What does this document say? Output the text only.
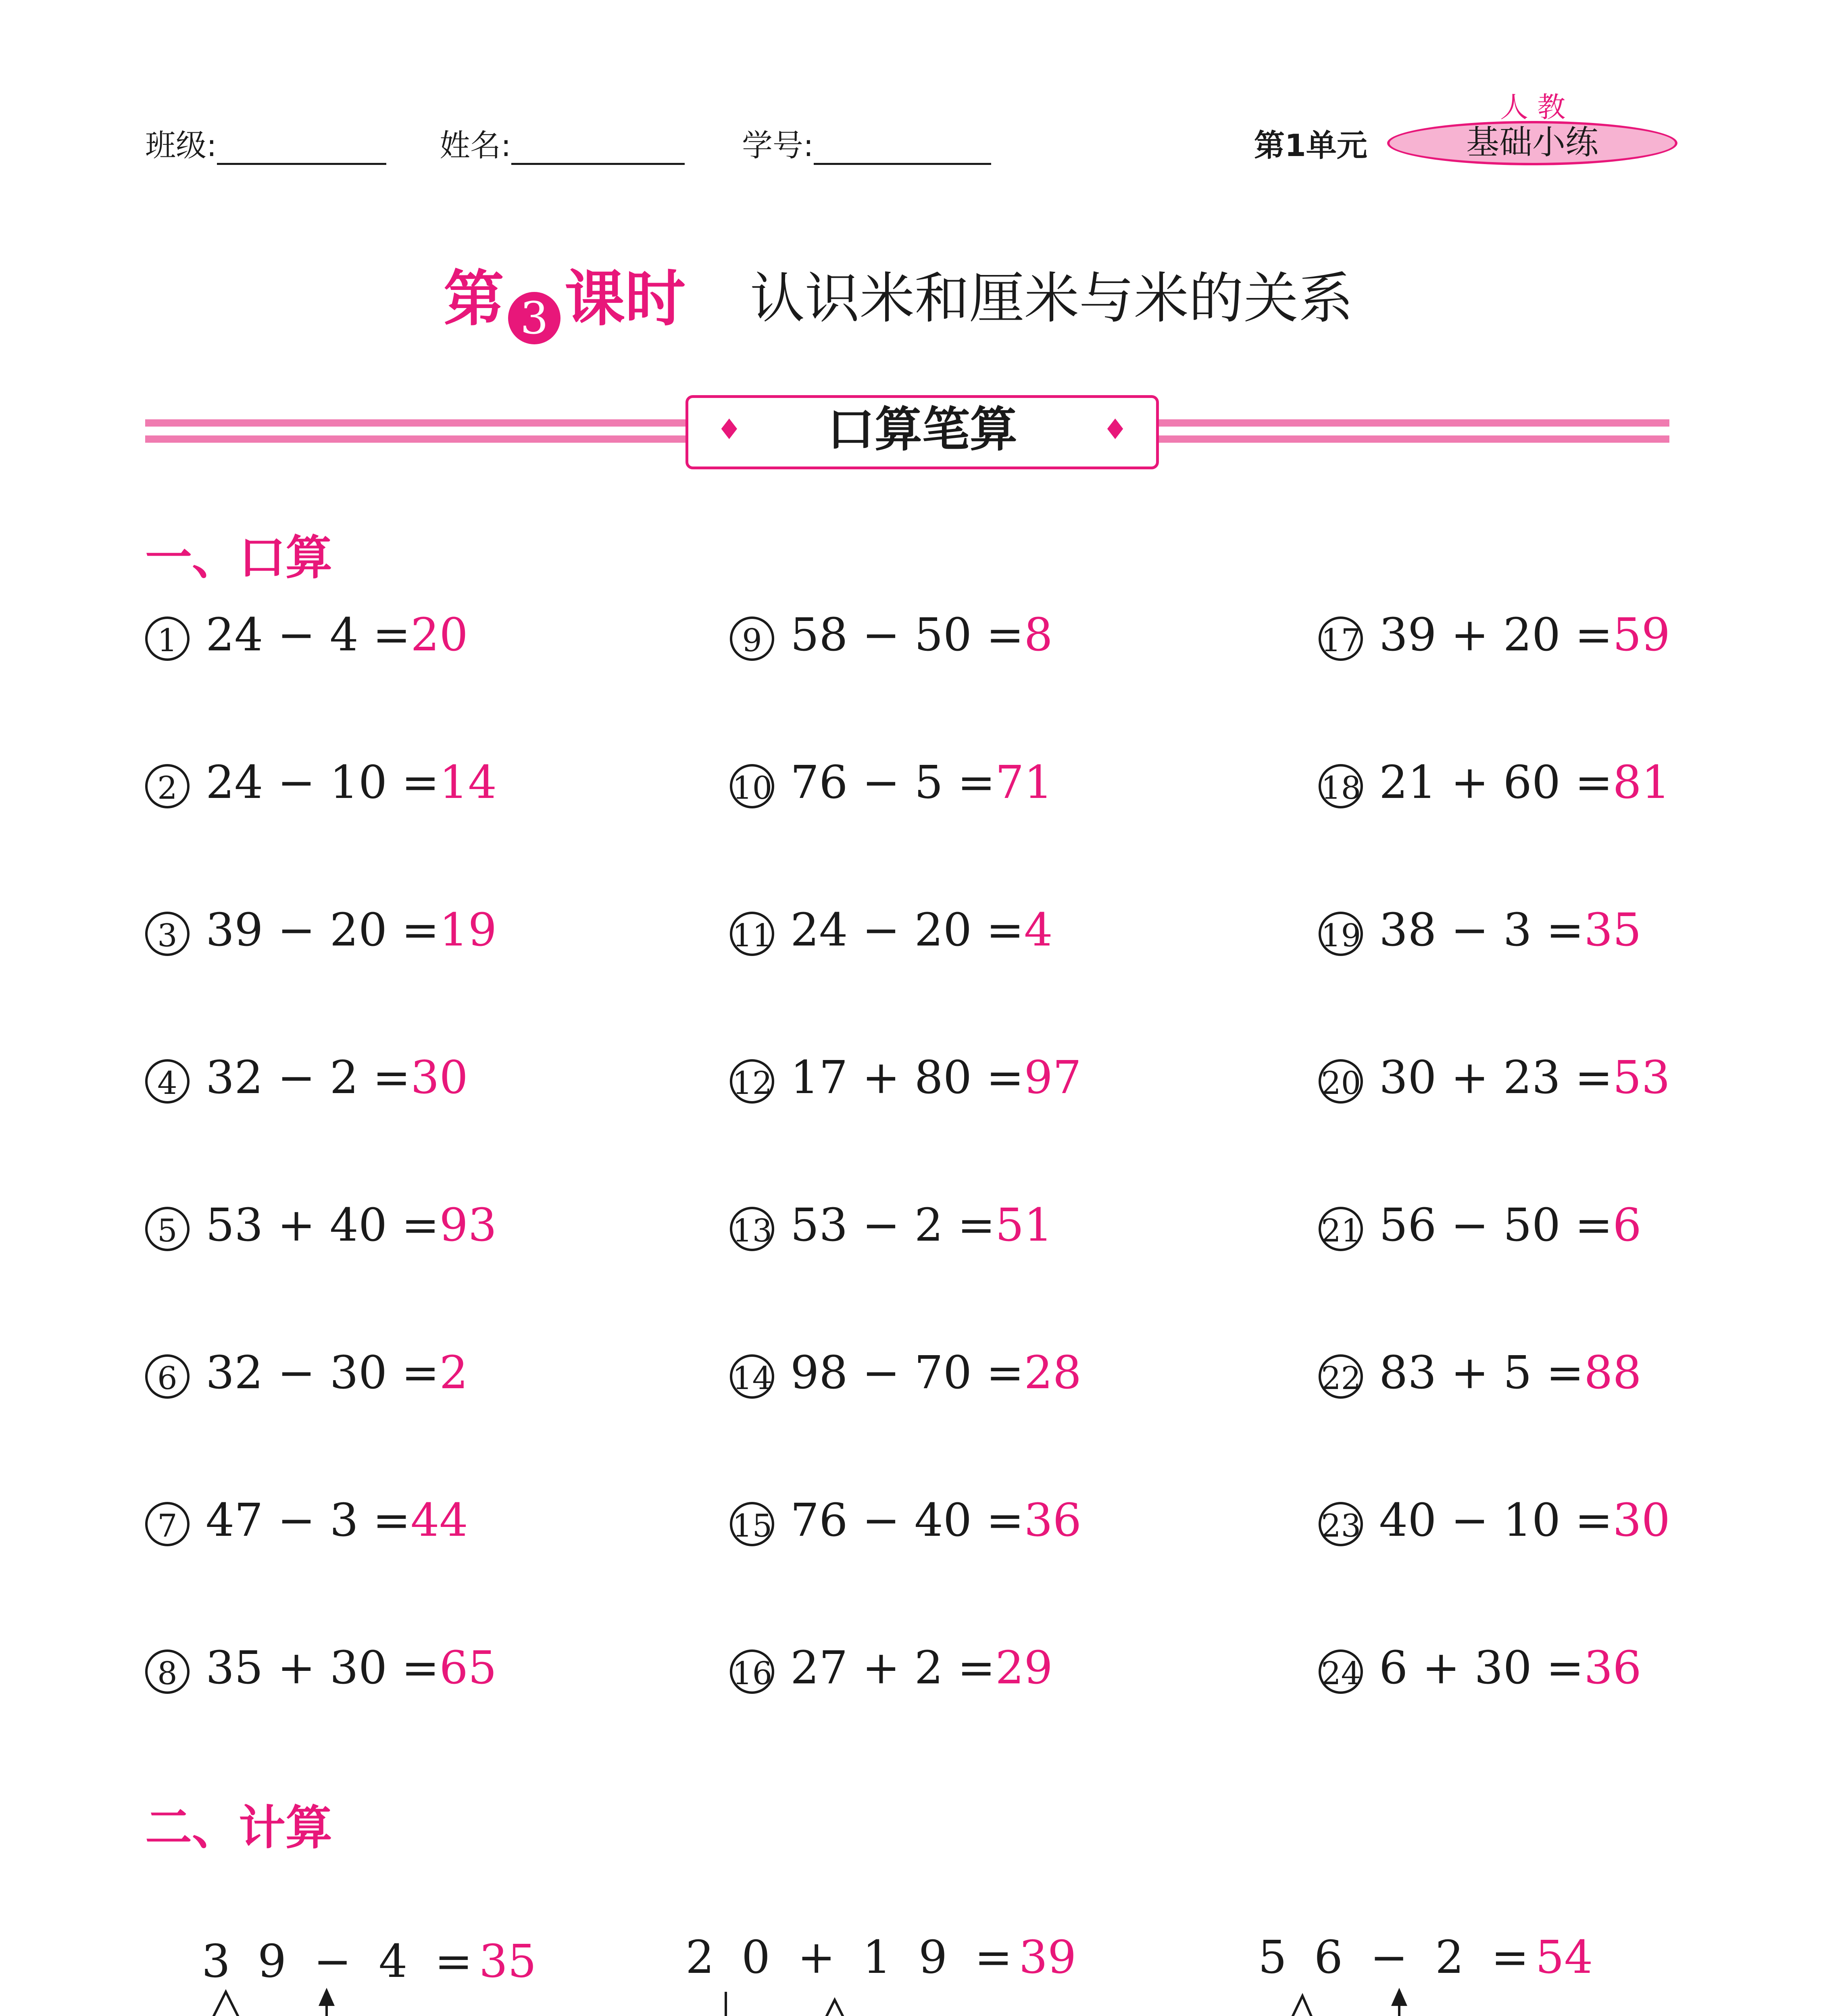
班级:	姓名:	学号:	第1单元	基础小练
人 教
第 3 课时 认识米和厘米与米的关系
♦ 口算笔算	♦
一、口算
1 24 − 4 =20
2 24 − 10 =14
3 39 − 20 =19
4 32 − 2 =30
5 53 + 40 =93
6 32 − 30 =2
7 47 − 3 =44
8 35 + 30 =65
9 58 − 50 =8
10 76 − 5 =71
11 24 − 20 =4
12 17 + 80 =97
13 53 − 2 =51
14 98 − 70 =28
15 76 − 40 =36
16 27 + 2 =29
17 39 + 20 =59
18 21 + 60 =81
19 38 − 3 =35
20 30 + 23 =53
21 56 − 50 =6
22 83 + 5 =88
23 40 − 10 =30
24 6 + 30 =36
二、计算
3 9 − 4 =35	2 0 + 1 9 =39	5 6 − 2 =54
